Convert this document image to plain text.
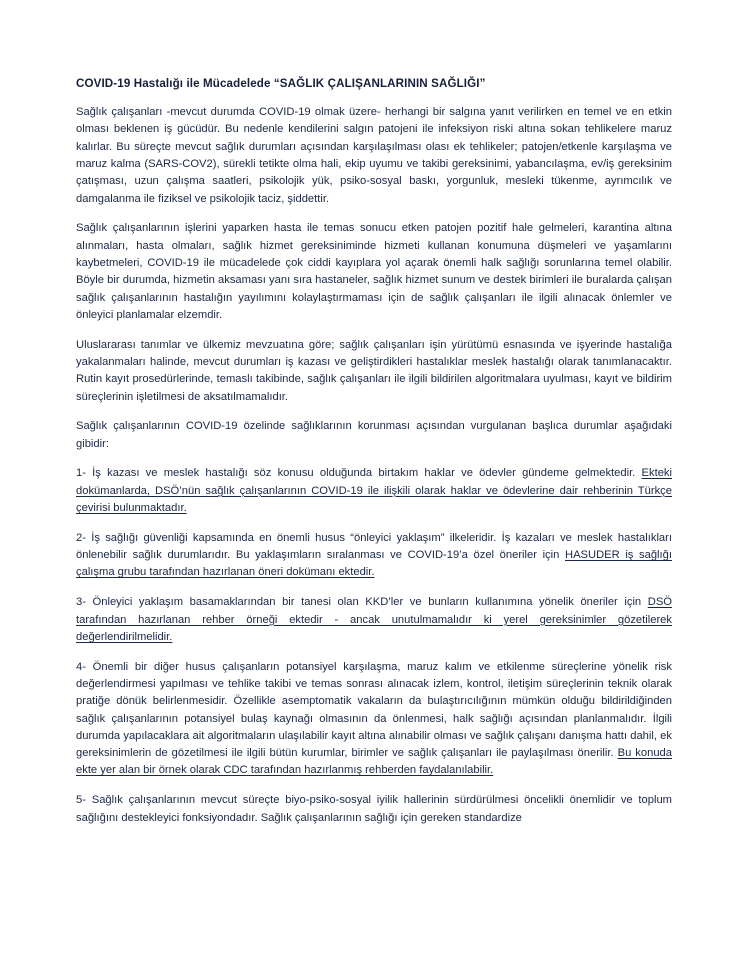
COVID-19 Hastalığı ile Mücadelede “SAĞLIK ÇALIŞANLARININ SAĞLIĞI”

Sağlık çalışanları -mevcut durumda COVID-19 olmak üzere- herhangi bir salgına yanıt verilirken en temel ve en etkin olması beklenen iş gücüdür. Bu nedenle kendilerini salgın patojeni ile infeksiyon riski altına sokan tehlikelere maruz kalırlar. Bu süreçte mevcut sağlık durumları açısından karşılaşılması olası ek tehlikeler; patojen/etkenle karşılaşma ve maruz kalma (SARS-COV2), sürekli tetikte olma hali, ekip uyumu ve takibi gereksinimi, yabancılaşma, ev/iş gereksinim çatışması, uzun çalışma saatleri, psikolojik yük, psiko-sosyal baskı, yorgunluk, mesleki tükenme, ayrımcılık ve damgalanma ile fiziksel ve psikolojik taciz, şiddettir.

Sağlık çalışanlarının işlerini yaparken hasta ile temas sonucu etken patojen pozitif hale gelmeleri, karantina altına alınmaları, hasta olmaları, sağlık hizmet gereksiniminde hizmeti kullanan konumuna düşmeleri ve yaşamlarını kaybetmeleri, COVID-19 ile mücadelede çok ciddi kayıplara yol açarak önemli halk sağlığı sorunlarına temel olabilir. Böyle bir durumda, hizmetin aksaması yanı sıra hastaneler, sağlık hizmet sunum ve destek birimleri ile buralarda çalışan sağlık çalışanlarının hastalığın yayılımını kolaylaştırmaması için de sağlık çalışanları ile ilgili alınacak önlemler ve önleyici planlamalar elzemdir.

Uluslararası tanımlar ve ülkemiz mevzuatına göre; sağlık çalışanları işin yürütümü esnasında ve işyerinde hastalığa yakalanmaları halinde, mevcut durumları iş kazası ve geliştirdikleri hastalıklar meslek hastalığı olarak tanımlanacaktır. Rutin kayıt prosedürlerinde, temaslı takibinde, sağlık çalışanları ile ilgili bildirilen algoritmalara uyulması, kayıt ve bildirim süreçlerinin işletilmesi de aksatılmamalıdır.

Sağlık çalışanlarının COVID-19 özelinde sağlıklarının korunması açısından vurgulanan başlıca durumlar aşağıdaki gibidir:

1- İş kazası ve meslek hastalığı söz konusu olduğunda birtakım haklar ve ödevler gündeme gelmektedir. Ekteki dokümanlarda, DSÖ’nün sağlık çalışanlarının COVID-19 ile ilişkili olarak haklar ve ödevlerine dair rehberinin Türkçe çevirisi bulunmaktadır.

2- İş sağlığı güvenliği kapsamında en önemli husus “önleyici yaklaşım” ilkeleridir. İş kazaları ve meslek hastalıkları önlenebilir sağlık durumlarıdır. Bu yaklaşımların sıralanması ve COVID-19’a özel öneriler için HASUDER iş sağlığı çalışma grubu tarafından hazırlanan öneri dokümanı ektedir.

3- Önleyici yaklaşım basamaklarından bir tanesi olan KKD’ler ve bunların kullanımına yönelik öneriler için DSÖ tarafından hazırlanan rehber örneği ektedir - ancak unutulmamalıdır ki yerel gereksinimler gözetilerek değerlendirilmelidir.

4- Önemli bir diğer husus çalışanların potansiyel karşılaşma, maruz kalım ve etkilenme süreçlerine yönelik risk değerlendirmesi yapılması ve tehlike takibi ve temas sonrası alınacak izlem, kontrol, iletişim süreçlerinin teknik olarak pratiğe dönük belirlenmesidir. Özellikle asemptomatik vakaların da bulaştırıcılığının mümkün olduğu bildirildiğinden sağlık çalışanlarının potansiyel bulaş kaynağı olmasının da önlenmesi, halk sağlığı açısından planlanmalıdır. İlgili durumda yapılacaklara ait algoritmaların ulaşılabilir kayıt altına alınabilir olması ve sağlık çalışanı danışma hattı dahil, ek gereksinimlerin de gözetilmesi ile ilgili bütün kurumlar, birimler ve sağlık çalışanları ile paylaşılması önerilir. Bu konuda ekte yer alan bir örnek olarak CDC tarafından hazırlanmış rehberden faydalanılabilir.

5- Sağlık çalışanlarının mevcut süreçte biyo-psiko-sosyal iyilik hallerinin sürdürülmesi öncelikli önemlidir ve toplum sağlığını destekleyici fonksiyondadır. Sağlık çalışanlarının sağlığı için gereken standardize
